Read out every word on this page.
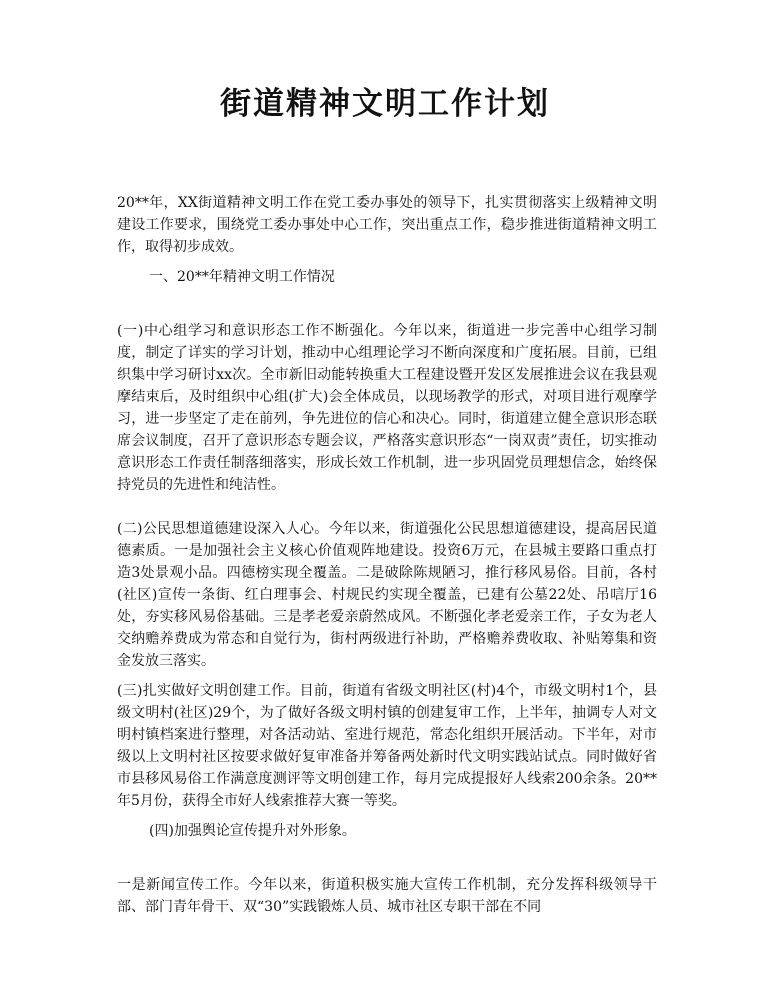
街道精神文明工作计划
20**年，XX街道精神文明工作在党工委办事处的领导下，扎实贯彻落实上级精神文明建设工作要求，围绕党工委办事处中心工作，突出重点工作，稳步推进街道精神文明工作，取得初步成效。
一、20**年精神文明工作情况
(一)中心组学习和意识形态工作不断强化。今年以来，街道进一步完善中心组学习制度，制定了详实的学习计划，推动中心组理论学习不断向深度和广度拓展。目前，已组织集中学习研讨xx次。全市新旧动能转换重大工程建设暨开发区发展推进会议在我县观摩结束后，及时组织中心组(扩大)会全体成员，以现场教学的形式，对项目进行观摩学习，进一步坚定了走在前列，争先进位的信心和决心。同时，街道建立健全意识形态联席会议制度，召开了意识形态专题会议，严格落实意识形态“一岗双责”责任，切实推动意识形态工作责任制落细落实，形成长效工作机制，进一步巩固党员理想信念，始终保持党员的先进性和纯洁性。
(二)公民思想道德建设深入人心。今年以来，街道强化公民思想道德建设，提高居民道德素质。一是加强社会主义核心价值观阵地建设。投资6万元，在县城主要路口重点打造3处景观小品。四德榜实现全覆盖。二是破除陈规陋习，推行移风易俗。目前，各村(社区)宣传一条街、红白理事会、村规民约实现全覆盖，已建有公墓22处、吊唁厅16处，夯实移风易俗基础。三是孝老爱亲蔚然成风。不断强化孝老爱亲工作，子女为老人交纳赡养费成为常态和自觉行为，街村两级进行补助，严格赡养费收取、补贴筹集和资金发放三落实。
(三)扎实做好文明创建工作。目前，街道有省级文明社区(村)4个，市级文明村1个，县级文明村(社区)29个，为了做好各级文明村镇的创建复审工作，上半年，抽调专人对文明村镇档案进行整理，对各活动站、室进行规范，常态化组织开展活动。下半年，对市级以上文明村社区按要求做好复审准备并筹备两处新时代文明实践站试点。同时做好省市县移风易俗工作满意度测评等文明创建工作，每月完成提报好人线索200余条。20**年5月份，获得全市好人线索推荐大赛一等奖。
(四)加强舆论宣传提升对外形象。
一是新闻宣传工作。今年以来，街道积极实施大宣传工作机制，充分发挥科级领导干部、部门青年骨干、双“30”实践锻炼人员、城市社区专职干部在不同
